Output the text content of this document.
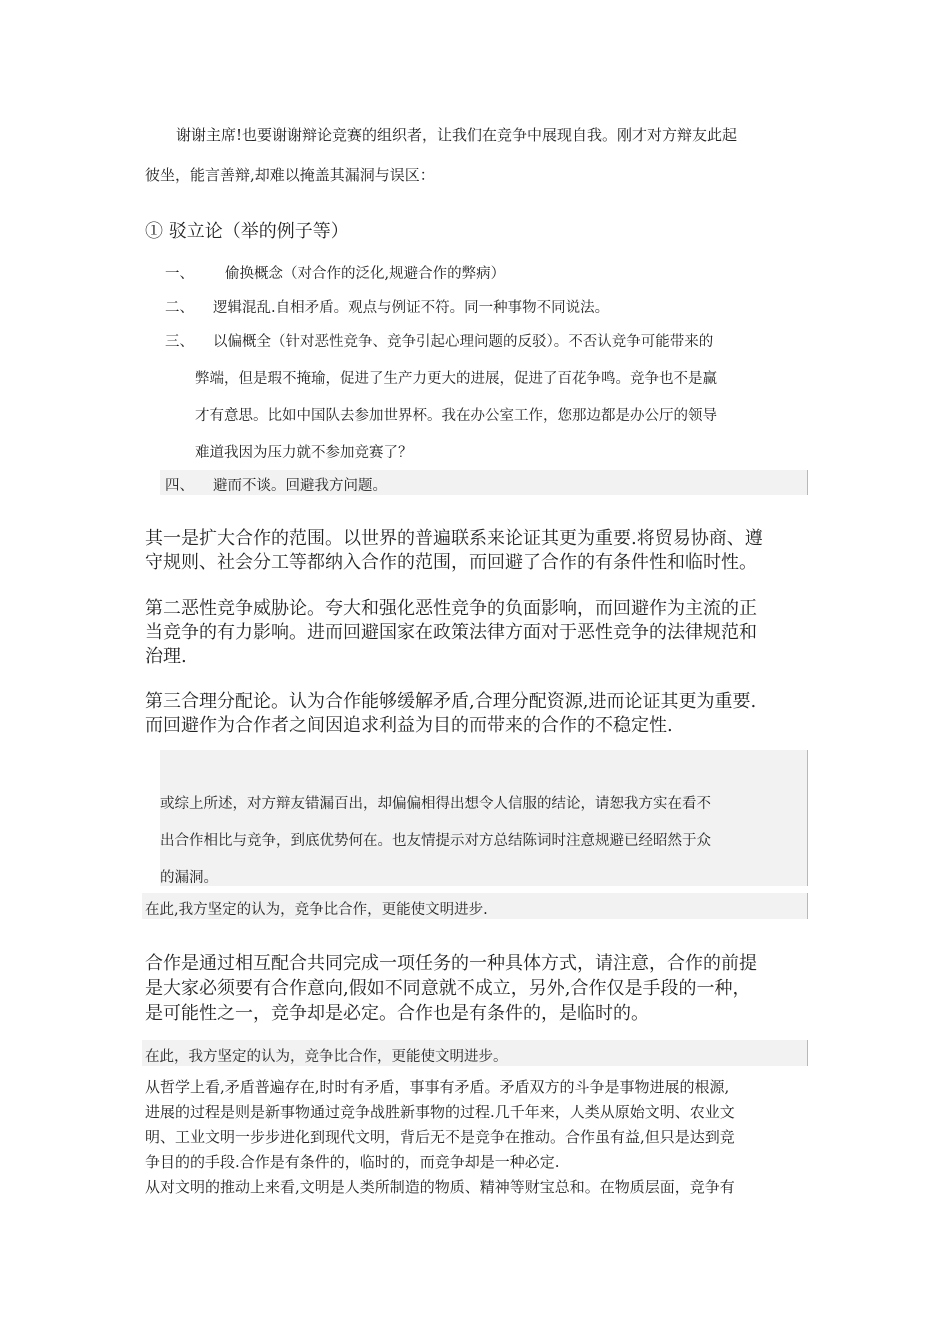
谢谢主席!也要谢谢辩论竞赛的组织者，让我们在竞争中展现自我。刚才对方辩友此起
彼坐，能言善辩,却难以掩盖其漏洞与误区：
① 驳立论（举的例子等）
一、 偷换概念（对合作的泛化,规避合作的弊病）
二、 逻辑混乱.自相矛盾。观点与例证不符。同一种事物不同说法。
三、 以偏概全（针对恶性竞争、竞争引起心理问题的反驳）。不否认竞争可能带来的
弊端，但是瑕不掩瑜，促进了生产力更大的进展，促进了百花争鸣。竞争也不是赢
才有意思。比如中国队去参加世界杯。我在办公室工作，您那边都是办公厅的领导
难道我因为压力就不参加竞赛了？
四、 避而不谈。回避我方问题。
其一是扩大合作的范围。以世界的普遍联系来论证其更为重要.将贸易协商、遵
守规则、社会分工等都纳入合作的范围，而回避了合作的有条件性和临时性。
第二恶性竞争威胁论。夸大和强化恶性竞争的负面影响，而回避作为主流的正
当竞争的有力影响。进而回避国家在政策法律方面对于恶性竞争的法律规范和
治理.
第三合理分配论。认为合作能够缓解矛盾,合理分配资源,进而论证其更为重要.
而回避作为合作者之间因追求利益为目的而带来的合作的不稳定性.
或综上所述，对方辩友错漏百出，却偏偏相得出想令人信服的结论，请恕我方实在看不
出合作相比与竞争，到底优势何在。也友情提示对方总结陈词时注意规避已经昭然于众
的漏洞。
在此,我方坚定的认为，竞争比合作，更能使文明进步.
合作是通过相互配合共同完成一项任务的一种具体方式，请注意，合作的前提
是大家必须要有合作意向,假如不同意就不成立，另外,合作仅是手段的一种，
是可能性之一，竞争却是必定。合作也是有条件的，是临时的。
在此，我方坚定的认为，竞争比合作，更能使文明进步。
从哲学上看,矛盾普遍存在,时时有矛盾，事事有矛盾。矛盾双方的斗争是事物进展的根源,
进展的过程是则是新事物通过竞争战胜新事物的过程.几千年来，人类从原始文明、农业文
明、工业文明一步步进化到现代文明，背后无不是竞争在推动。合作虽有益,但只是达到竞
争目的的手段.合作是有条件的，临时的，而竞争却是一种必定.
从对文明的推动上来看,文明是人类所制造的物质、精神等财宝总和。在物质层面，竞争有
